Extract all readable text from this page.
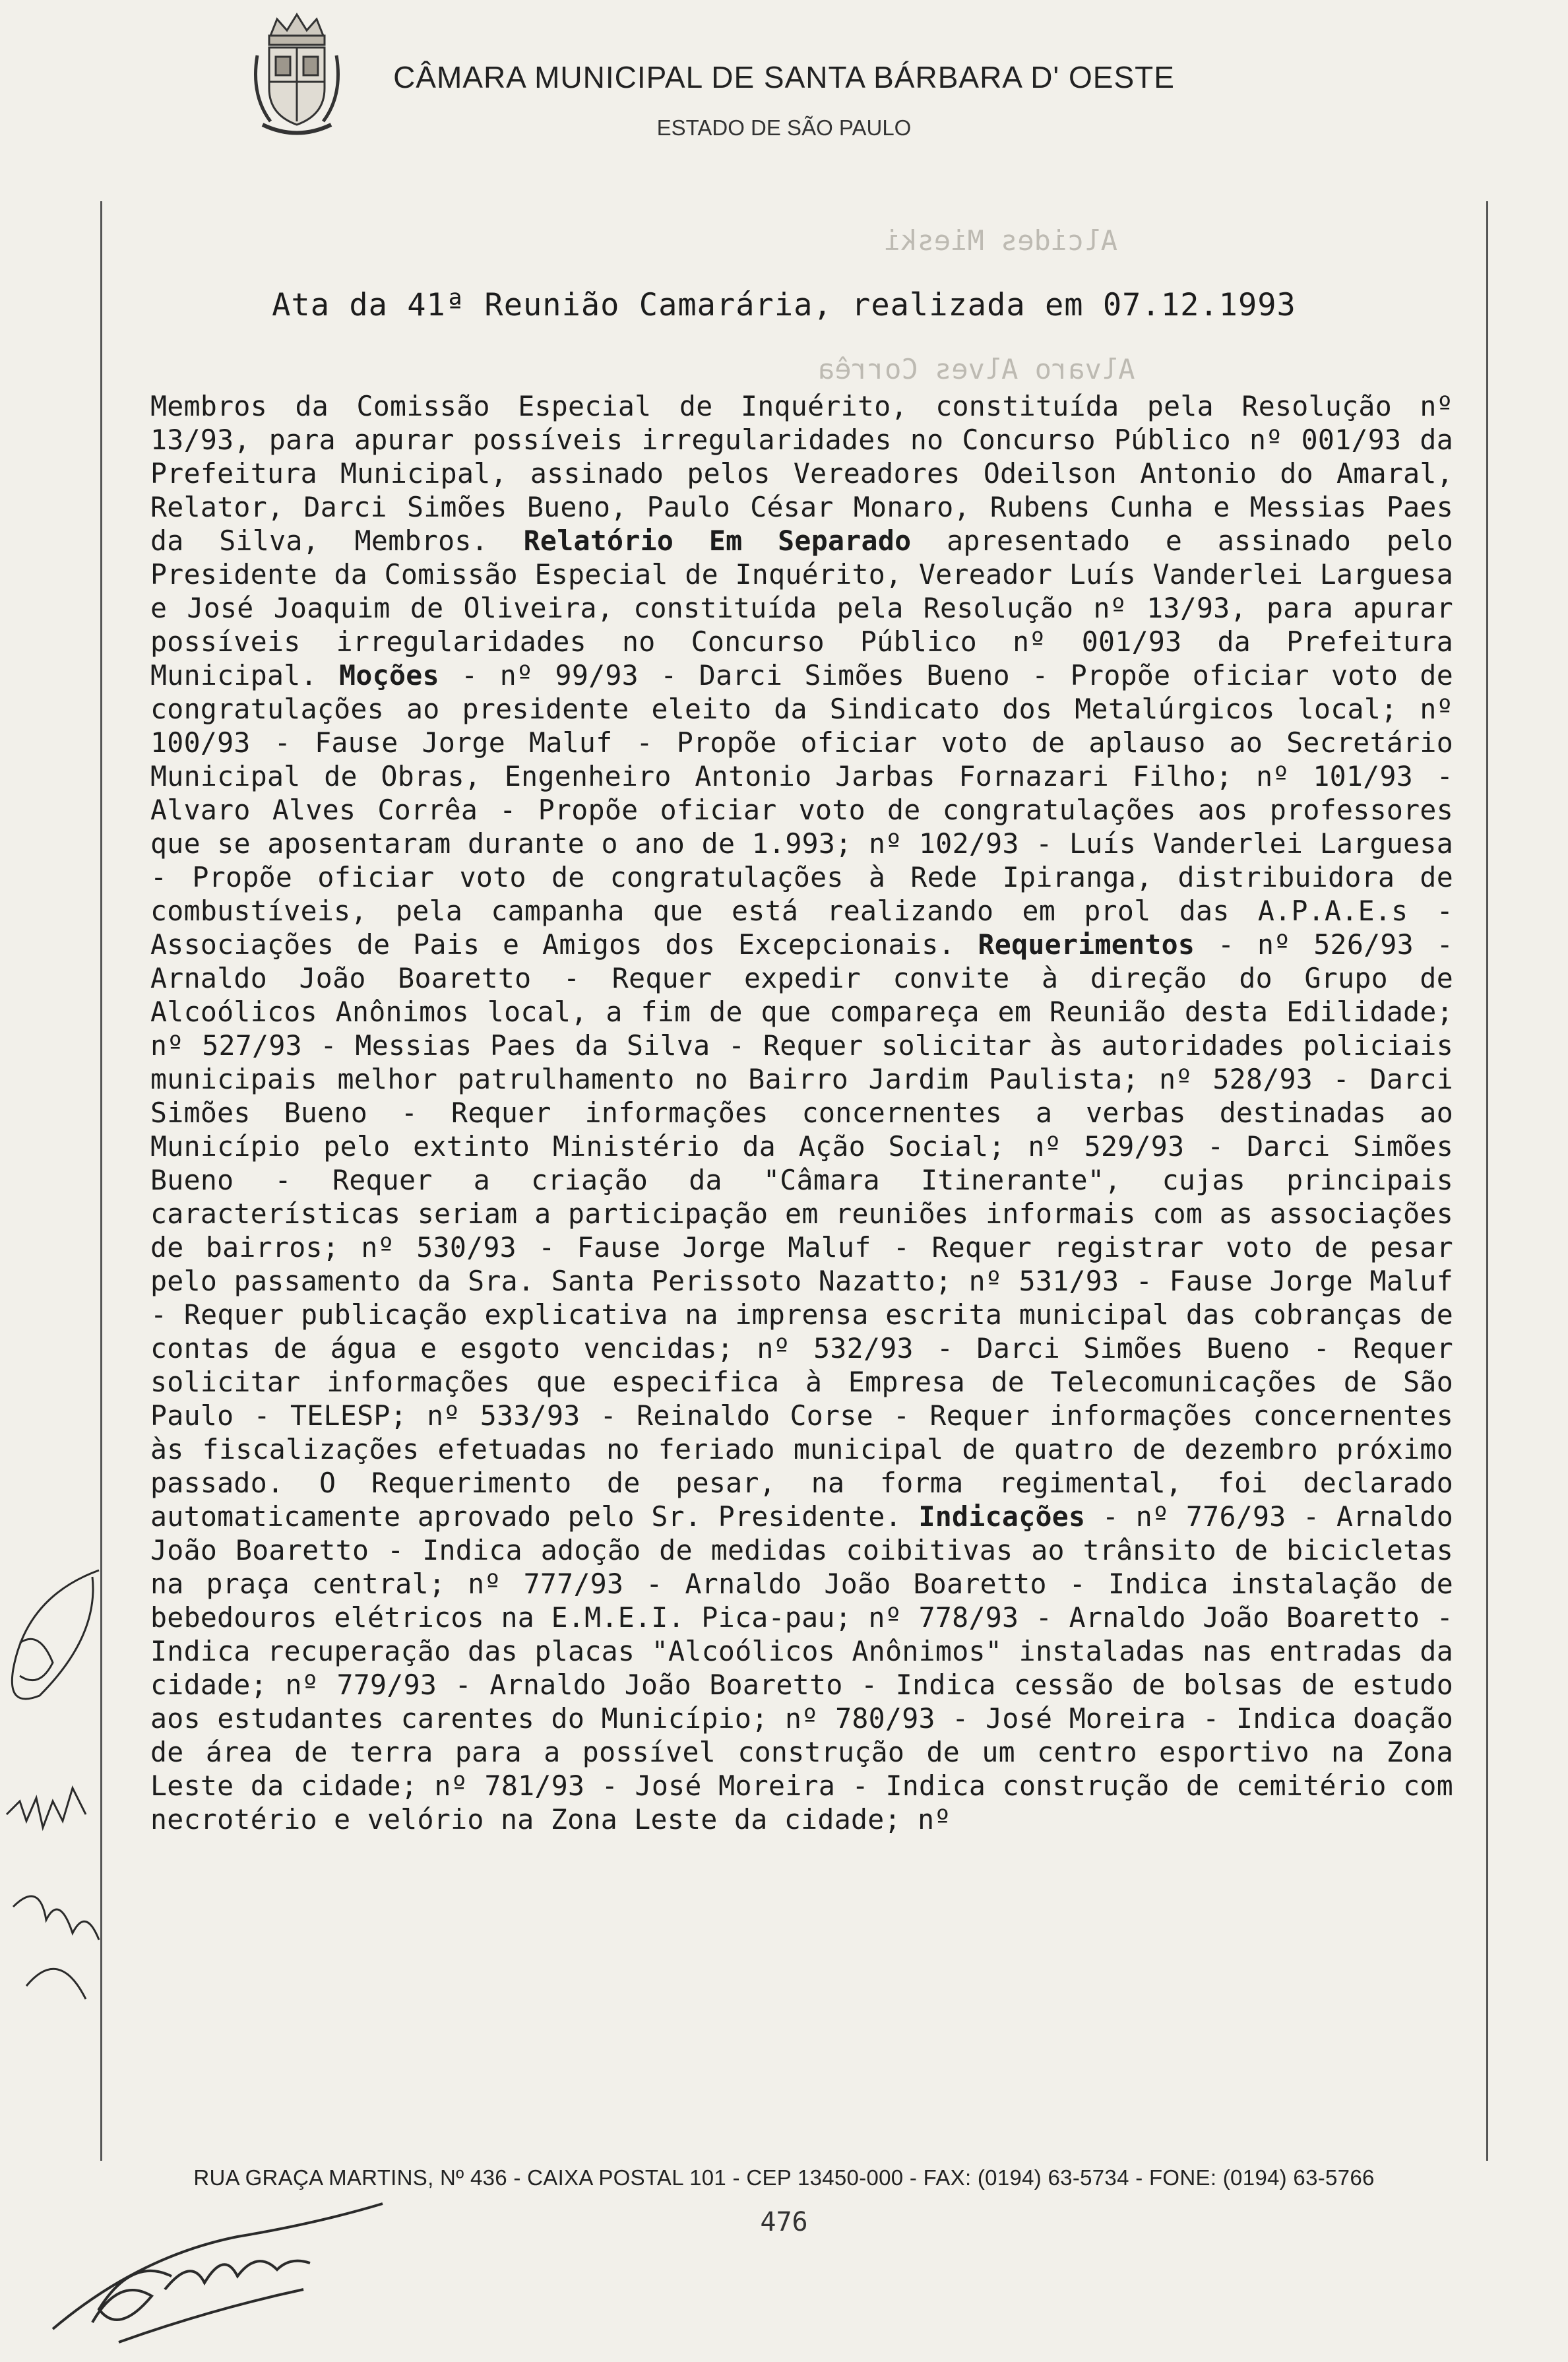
CÂMARA MUNICIPAL DE SANTA BÁRBARA D' OESTE
ESTADO DE SÃO PAULO
Alcides Mieski
Alvaro Alves Corrêa
Ata da 41ª Reunião Camarária, realizada em 07.12.1993
Membros da Comissão Especial de Inquérito, constituída pela Resolução nº 13/93, para apurar possíveis irregularidades no Concurso Público nº 001/93 da Prefeitura Municipal, assinado pelos Vereadores Odeilson Antonio do Amaral, Relator, Darci Simões Bueno, Paulo César Monaro, Rubens Cunha e Messias Paes da Silva, Membros. Relatório Em Separado apresentado e assinado pelo Presidente da Comissão Especial de Inquérito, Vereador Luís Vanderlei Larguesa e José Joaquim de Oliveira, constituída pela Resolução nº 13/93, para apurar possíveis irregularidades no Concurso Público nº 001/93 da Prefeitura Municipal. Moções - nº 99/93 - Darci Simões Bueno - Propõe oficiar voto de congratulações ao presidente eleito da Sindicato dos Metalúrgicos local; nº 100/93 - Fause Jorge Maluf - Propõe oficiar voto de aplauso ao Secretário Municipal de Obras, Engenheiro Antonio Jarbas Fornazari Filho; nº 101/93 - Alvaro Alves Corrêa - Propõe oficiar voto de congratulações aos professores que se aposentaram durante o ano de 1.993; nº 102/93 - Luís Vanderlei Larguesa - Propõe oficiar voto de congratulações à Rede Ipiranga, distribuidora de combustíveis, pela campanha que está realizando em prol das A.P.A.E.s - Associações de Pais e Amigos dos Excepcionais. Requerimentos - nº 526/93 - Arnaldo João Boaretto - Requer expedir convite à direção do Grupo de Alcoólicos Anônimos local, a fim de que compareça em Reunião desta Edilidade; nº 527/93 - Messias Paes da Silva - Requer solicitar às autoridades policiais municipais melhor patrulhamento no Bairro Jardim Paulista; nº 528/93 - Darci Simões Bueno - Requer informações concernentes a verbas destinadas ao Município pelo extinto Ministério da Ação Social; nº 529/93 - Darci Simões Bueno - Requer a criação da "Câmara Itinerante", cujas principais características seriam a participação em reuniões informais com as associações de bairros; nº 530/93 - Fause Jorge Maluf - Requer registrar voto de pesar pelo passamento da Sra. Santa Perissoto Nazatto; nº 531/93 - Fause Jorge Maluf - Requer publicação explicativa na imprensa escrita municipal das cobranças de contas de água e esgoto vencidas; nº 532/93 - Darci Simões Bueno - Requer solicitar informações que especifica à Empresa de Telecomunicações de São Paulo - TELESP; nº 533/93 - Reinaldo Corse - Requer informações concernentes às fiscalizações efetuadas no feriado municipal de quatro de dezembro próximo passado. O Requerimento de pesar, na forma regimental, foi declarado automaticamente aprovado pelo Sr. Presidente. Indicações - nº 776/93 - Arnaldo João Boaretto - Indica adoção de medidas coibitivas ao trânsito de bicicletas na praça central; nº 777/93 - Arnaldo João Boaretto - Indica instalação de bebedouros elétricos na E.M.E.I. Pica-pau; nº 778/93 - Arnaldo João Boaretto - Indica recuperação das placas "Alcoólicos Anônimos" instaladas nas entradas da cidade; nº 779/93 - Arnaldo João Boaretto - Indica cessão de bolsas de estudo aos estudantes carentes do Município; nº 780/93 - José Moreira - Indica doação de área de terra para a possível construção de um centro esportivo na Zona Leste da cidade; nº 781/93 - José Moreira - Indica construção de cemitério com necrotério e velório na Zona Leste da cidade; nº
RUA GRAÇA MARTINS, Nº 436 - CAIXA POSTAL 101 - CEP 13450-000 - FAX: (0194) 63-5734 - FONE: (0194) 63-5766
476
